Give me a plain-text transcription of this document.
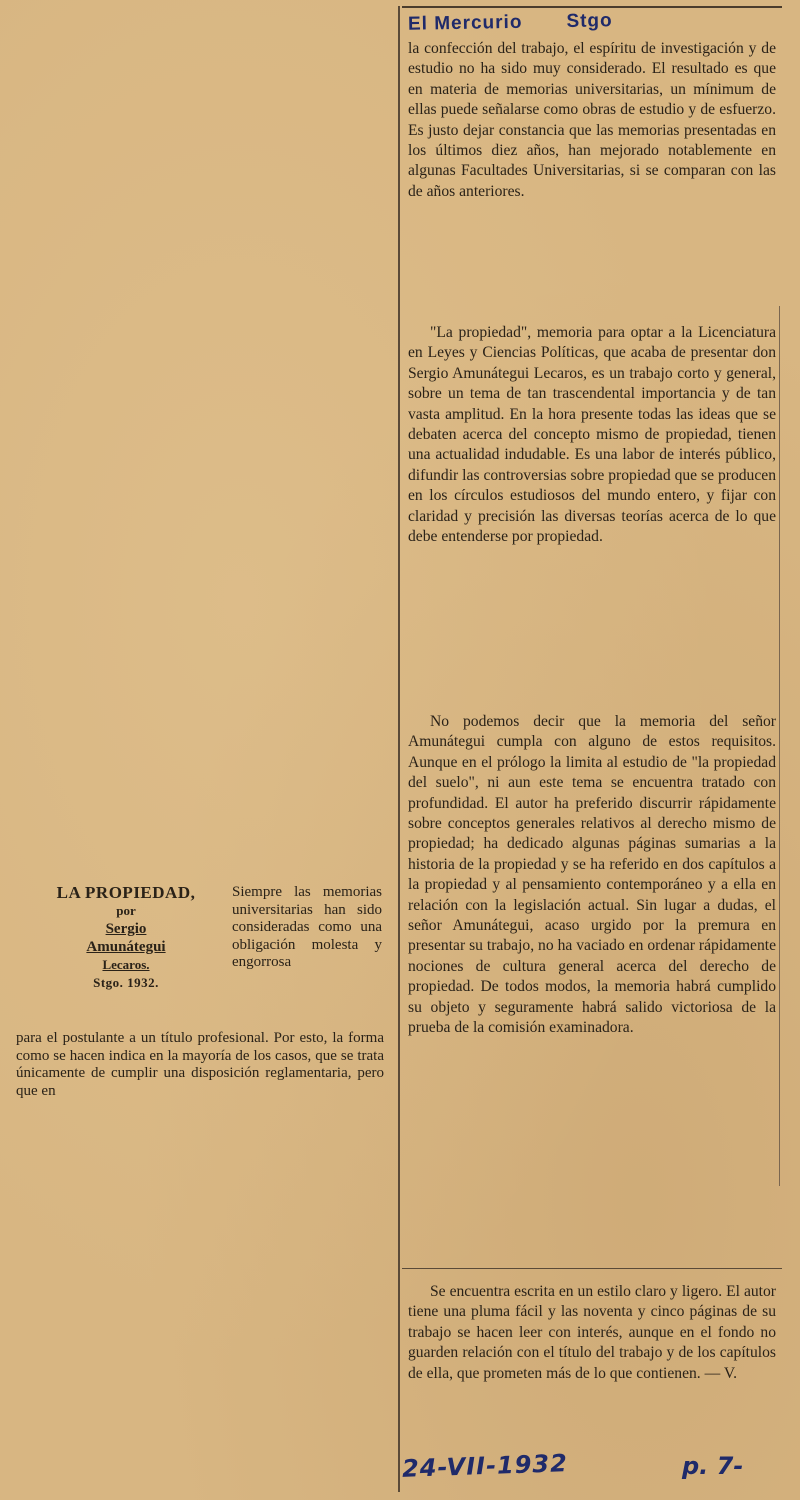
El Mercurio Stgo

la confección del trabajo, el espíritu de investigación y de estudio no ha sido muy considerado. El resultado es que en materia de memorias universitarias, un mínimum de ellas puede señalarse como obras de estudio y de esfuerzo. Es justo dejar constancia que las memorias presentadas en los últimos diez años, han mejorado notablemente en algunas Facultades Universitarias, si se comparan con las de años anteriores.

"La propiedad", memoria para optar a la Licenciatura en Leyes y Ciencias Políticas, que acaba de presentar don Sergio Amunátegui Lecaros, es un trabajo corto y general, sobre un tema de tan trascendental importancia y de tan vasta amplitud. En la hora presente todas las ideas que se debaten acerca del concepto mismo de propiedad, tienen una actualidad indudable. Es una labor de interés público, difundir las controversias sobre propiedad que se producen en los círculos estudiosos del mundo entero, y fijar con claridad y precisión las diversas teorías acerca de lo que debe entenderse por propiedad.

No podemos decir que la memoria del señor Amunátegui cumpla con alguno de estos requisitos. Aunque en el prólogo la limita al estudio de "la propiedad del suelo", ni aun este tema se encuentra tratado con profundidad. El autor ha preferido discurrir rápidamente sobre conceptos generales relativos al derecho mismo de propiedad; ha dedicado algunas páginas sumarias a la historia de la propiedad y se ha referido en dos capítulos a la propiedad y al pensamiento contemporáneo y a ella en relación con la legislación actual. Sin lugar a dudas, el señor Amunátegui, acaso urgido por la premura en presentar su trabajo, no ha vaciado en ordenar rápidamente nociones de cultura general acerca del derecho de propiedad. De todos modos, la memoria habrá cumplido su objeto y seguramente habrá salido victoriosa de la prueba de la comisión examinadora.

Se encuentra escrita en un estilo claro y ligero. El autor tiene una pluma fácil y las noventa y cinco páginas de su trabajo se hacen leer con interés, aunque en el fondo no guarden relación con el título del trabajo y de los capítulos de ella, que prometen más de lo que contienen. — V.

24-VII-1932	p. 7-
LA PROPIEDAD,
por
Sergio
Amunátegui
Lecaros.
Stgo. 1932.

Siempre las memorias universitarias han sido consideradas como una obligación molesta y engorrosa

para el postulante a un título profesional. Por esto, la forma como se hacen indica en la mayoría de los casos, que se trata únicamente de cumplir una disposición reglamentaria, pero que en
